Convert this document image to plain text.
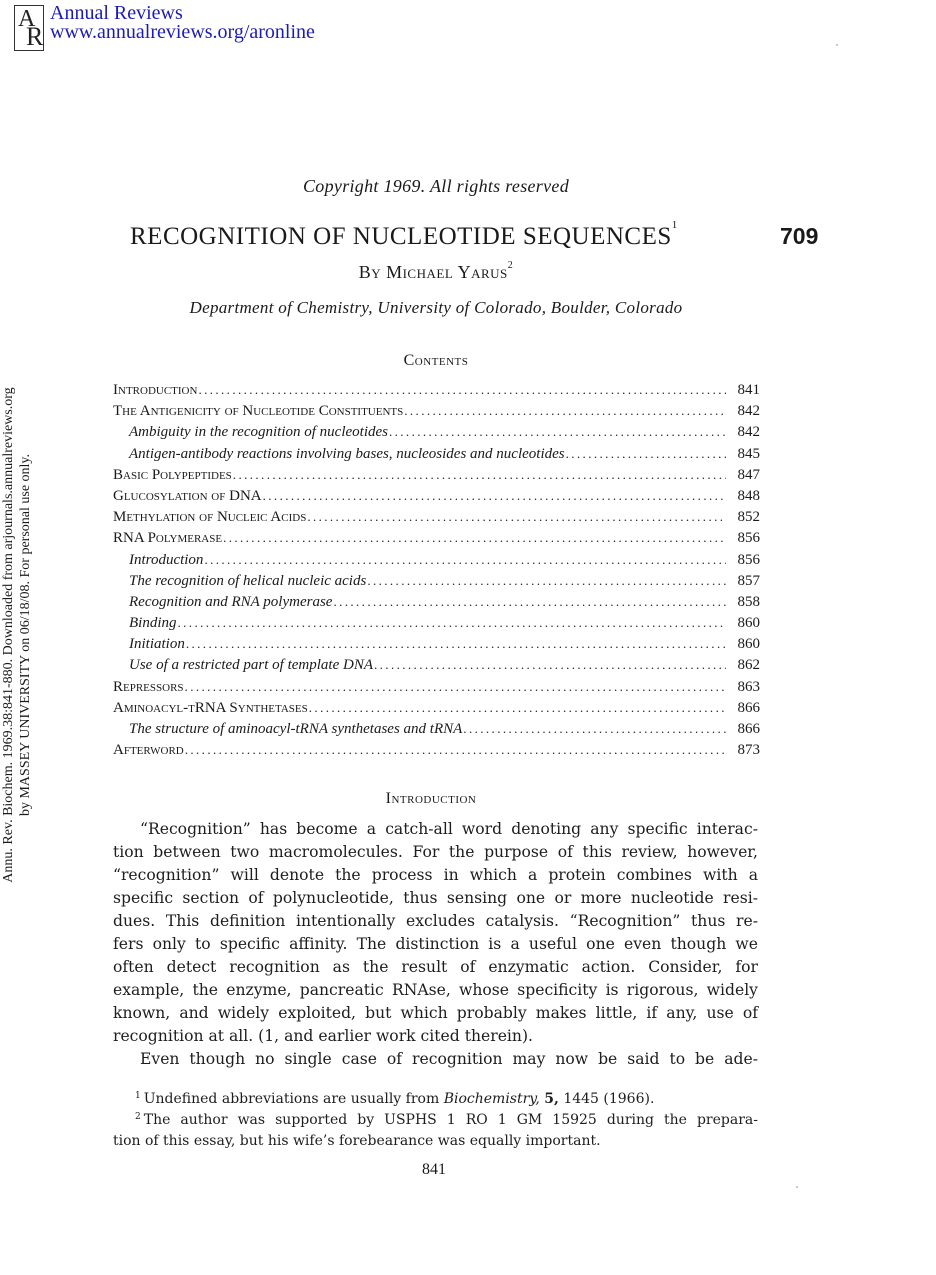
A
R
Annual Reviews
www.annualreviews.org/aronline
Annu. Rev. Biochem. 1969.38:841-880. Downloaded from arjournals.annualreviews.org by MASSEY UNIVERSITY on 06/18/08. For personal use only.
Copyright 1969. All rights reserved
RECOGNITION OF NUCLEOTIDE SEQUENCES$^1$	709
By Michael Yarus$^2$
Department of Chemistry, University of Colorado, Boulder, Colorado
Contents
Introduction .....	841
The Antigenicity of Nucleotide Constituents .....	842
Ambiguity in the recognition of nucleotides .....	842
Antigen-antibody reactions involving bases, nucleosides and nucleotides .....	845
Basic Polypeptides .....	847
Glucosylation of DNA .....	848
Methylation of Nucleic Acids .....	852
RNA Polymerase .....	856
Introduction .....	856
The recognition of helical nucleic acids .....	857
Recognition and RNA polymerase .....	858
Binding .....	860
Initiation .....	860
Use of a restricted part of template DNA .....	862
Repressors .....	863
Aminoacyl-tRNA Synthetases .....	866
The structure of aminoacyl-tRNA synthetases and tRNA .....	866
Afterword .....	873
Introduction
“Recognition” has become a catch-all word denoting any specific interac-
tion between two macromolecules. For the purpose of this review, however,
“recognition” will denote the process in which a protein combines with a
specific section of polynucleotide, thus sensing one or more nucleotide resi-
dues. This definition intentionally excludes catalysis. “Recognition” thus re-
fers only to specific affinity. The distinction is a useful one even though we
often detect recognition as the result of enzymatic action. Consider, for
example, the enzyme, pancreatic RNAse, whose specificity is rigorous, widely
known, and widely exploited, but which probably makes little, if any, use of
recognition at all. (1, and earlier work cited therein).
Even though no single case of recognition may now be said to be ade-
$^1$ Undefined abbreviations are usually from Biochemistry, 5, 1445 (1966).
$^2$ The author was supported by USPHS 1 RO 1 GM 15925 during the prepara-
tion of this essay, but his wife’s forebearance was equally important.
841
